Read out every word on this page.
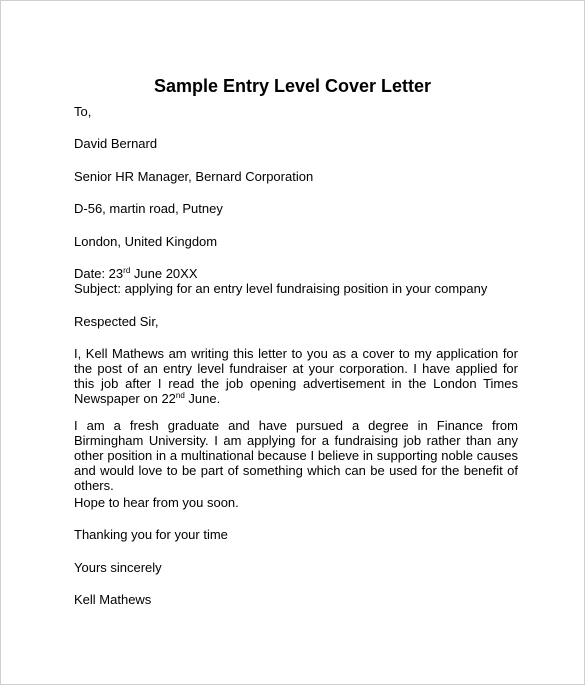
Sample Entry Level Cover Letter
To,
David Bernard
Senior HR Manager, Bernard Corporation
D-56, martin road, Putney
London, United Kingdom
Date: 23rd June 20XX
Subject: applying for an entry level fundraising position in your company
Respected Sir,
I, Kell Mathews am writing this letter to you as a cover to my application for the post of an entry level fundraiser at your corporation. I have applied for this job after I read the job opening advertisement in the London Times Newspaper on 22nd June.
I am a fresh graduate and have pursued a degree in Finance from Birmingham University. I am applying for a fundraising job rather than any other position in a multinational because I believe in supporting noble causes and would love to be part of something which can be used for the benefit of others.
Hope to hear from you soon.
Thanking you for your time
Yours sincerely
Kell Mathews
